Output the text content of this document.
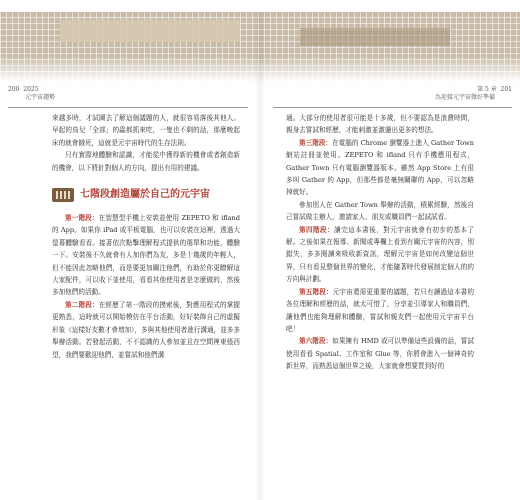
200 2025
元宇宙趨勢
第 5 章 201
為迎接元宇宙做好準備

來越多時，才試圖去了解這個議題的人，就很容易落後其他人。早起的鳥兒「全部」的蟲都抓來吃，一隻也不剩的話，那麼晚起床的就會餓死，這就是元宇宙時代的生存法則。

只有實際地體驗和認識，才能從中獲得新的機會或者創造新的機會，以下將針對個人的方向，提出有用的建議。

七階段創造屬於自己的元宇宙

第一階段：在智慧型手機上安裝並使用 ZEPETO 和 ifland 的 App。如果你 iPad 或平板電腦，也可以安裝在這裡，透過大螢幕體驗看看。接著依次點擊理解程式提供的選單和功能，體驗一下。安裝後不久就會有人加你們為友，多是十幾歲的年輕人，但不能因此忽略他們，而是要更加關注他們，有助於你更瞭解這大家配件，可以收下並使用，看看其他使用者是怎麼做的，然後多加他們的活動。

第二階段：在經歷了第一階段的摸索後，對應用程式的掌握更熟悉，這時就可以開始模仿在平台活動，好好裝飾自己的虛擬形象（這樣好友數才會增加），多與其他使用者進行溝通，並多多舉辦活動。若發起活動，不不認識的人參加並且在空間裡東張西望，我們要歡迎他們，並嘗試和他們溝

通。大部分的使用者很可能是十多歲，但不要認為是浪費時間，親身去嘗試和經歷，才能刺激並激盪出更多的想法。

第三階段：在電腦的 Chrome 瀏覽器上進入 Gather Town 網站註冊並使用。ZEPETO 和 ifland 只有手機應用程式，Gather Town 只有電腦瀏覽器版本。雖然 App Store 上有很多叫 Gather 的 App，但那些都是毫無關聯的 App，可以忽略掉就好。

參加別人在 Gather Town 舉辦的活動，積累經驗，然後自己嘗試做主辦人，邀請家人、朋友或職員們一起試試看。

第四階段：讀完這本書後，對元宇宙就會有初步的基本了解。之後如果在報導、新聞或專欄上看到有關元宇宙的內容，別錯失，多多閱讀來吸收新資訊，理解元宇宙是如何改變這個世界，只有看見整個世界的變化，才能隨著時代發展制定個人的的方向與計劃。

第五階段：元宇宙還需更重要的議題，若只有讀過這本書的各位理解和經歷的話，就太可惜了，分享並引導家人和職員們，讓他們也能夠理解和體驗，嘗試和親友們一起使用元宇宙平台吧！

第六階段：如果擁有 HMD 或可以準備這些設備的話，嘗試使用看看 Spatial、工作室和 Glue 等，你將會進入一個神奇的新世界，而熟悉這個世界之後，大家就會想要買到好的
